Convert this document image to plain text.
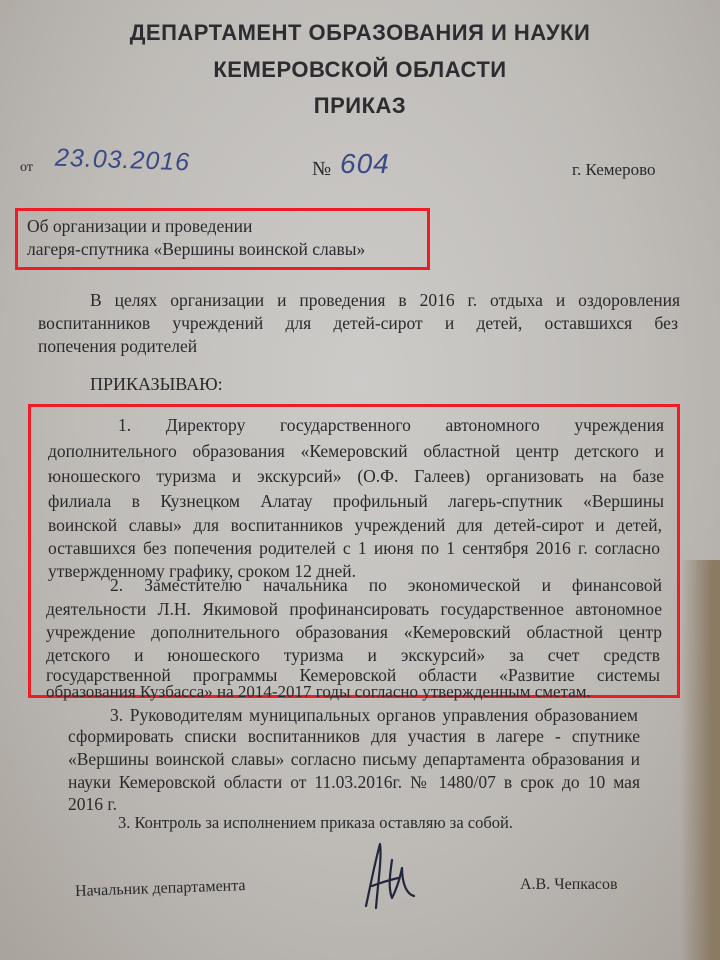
ДЕПАРТАМЕНТ ОБРАЗОВАНИЯ И НАУКИ
КЕМЕРОВСКОЙ ОБЛАСТИ
ПРИКАЗ
от 23.03.2016	№ 604	г. Кемерово
Об организации и проведении
лагеря-спутника «Вершины воинской славы»
В целях организации и проведения в 2016 г. отдыха и оздоровления
воспитанников учреждений для детей-сирот и детей, оставшихся без
попечения родителей
ПРИКАЗЫВАЮ:
1. Директору государственного автономного учреждения
дополнительного образования «Кемеровский областной центр детского и
юношеского туризма и экскурсий» (О.Ф. Галеев) организовать на базе
филиала в Кузнецком Алатау профильный лагерь-спутник «Вершины
воинской славы» для воспитанников учреждений для детей-сирот и детей,
оставшихся без попечения родителей с 1 июня по 1 сентября 2016 г. согласно
утвержденному графику, сроком 12 дней.
2. Заместителю начальника по экономической и финансовой
деятельности Л.Н. Якимовой профинансировать государственное автономное
учреждение дополнительного образования «Кемеровский областной центр
детского и юношеского туризма и экскурсий» за счет средств
государственной программы Кемеровской области «Развитие системы
образования Кузбасса» на 2014-2017 годы согласно утвержденным сметам.
3. Руководителям муниципальных органов управления образованием
сформировать списки воспитанников для участия в лагере - спутнике
«Вершины воинской славы» согласно письму департамента образования и
науки Кемеровской области от 11.03.2016г. № 1480/07 в срок до 10 мая
2016 г.
3. Контроль за исполнением приказа оставляю за собой.
Начальник департамента	А.В. Чепкасов
